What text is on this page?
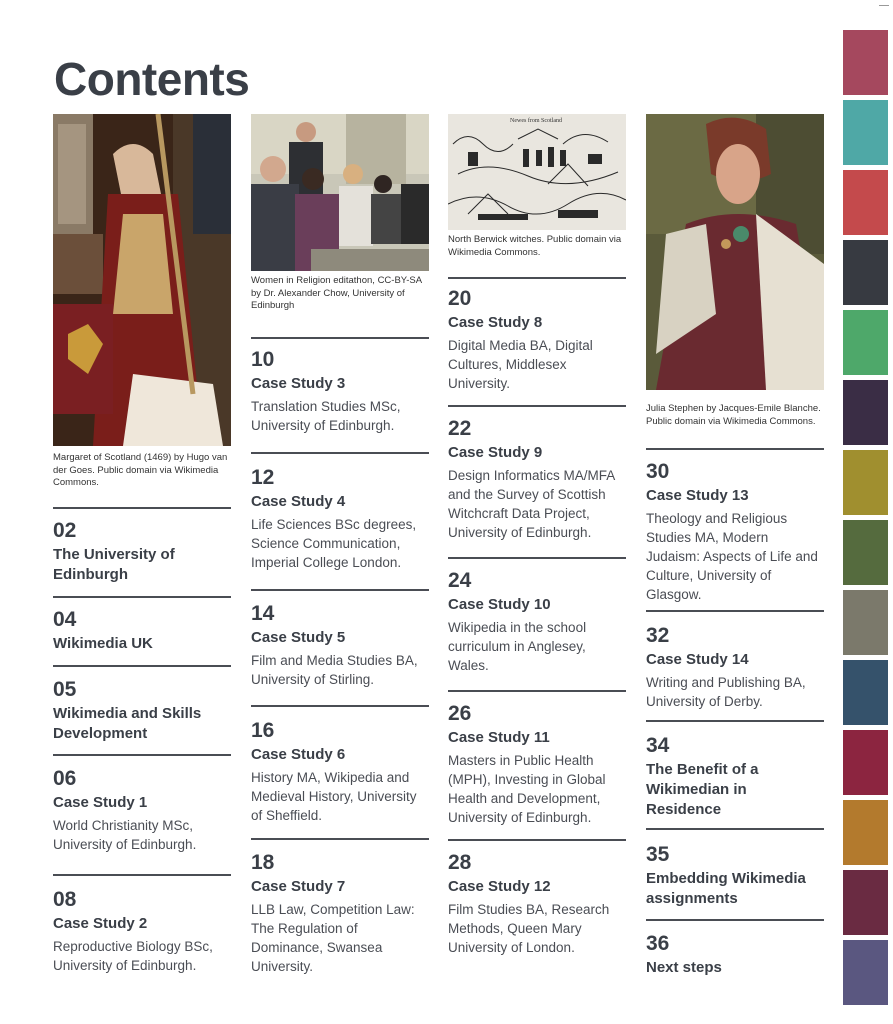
Contents
Margaret of Scotland (1469) by Hugo van der Goes. Public domain via Wikimedia Commons.
02
The University of Edinburgh
04
Wikimedia UK
05
Wikimedia and Skills Development
06
Case Study 1
World Christianity MSc, University of Edinburgh.
08
Case Study 2
Reproductive Biology BSc, University of Edinburgh.
Women in Religion editathon, CC-BY-SA by Dr. Alexander Chow, University of Edinburgh
10
Case Study 3
Translation Studies MSc, University of Edinburgh.
12
Case Study 4
Life Sciences BSc degrees, Science Communication, Imperial College London.
14
Case Study 5
Film and Media Studies BA, University of Stirling.
16
Case Study 6
History MA, Wikipedia and Medieval History, University of Sheffield.
18
Case Study 7
LLB Law, Competition Law: The Regulation of Dominance, Swansea University.
Newes from Scotland
North Berwick witches. Public domain via Wikimedia Commons.
20
Case Study 8
Digital Media BA, Digital Cultures, Middlesex University.
22
Case Study 9
Design Informatics MA/MFA and the Survey of Scottish Witchcraft Data Project, University of Edinburgh.
24
Case Study 10
Wikipedia in the school curriculum in Anglesey, Wales.
26
Case Study 11
Masters in Public Health (MPH), Investing in Global Health and Development, University of Edinburgh.
28
Case Study 12
Film Studies BA, Research Methods, Queen Mary University of London.
Julia Stephen by Jacques-Emile Blanche. Public domain via Wikimedia Commons.
30
Case Study 13
Theology and Religious Studies MA, Modern Judaism: Aspects of Life and Culture, University of Glasgow.
32
Case Study 14
Writing and Publishing BA, University of Derby.
34
The Benefit of a Wikimedian in Residence
35
Embedding Wikimedia assignments
36
Next steps
